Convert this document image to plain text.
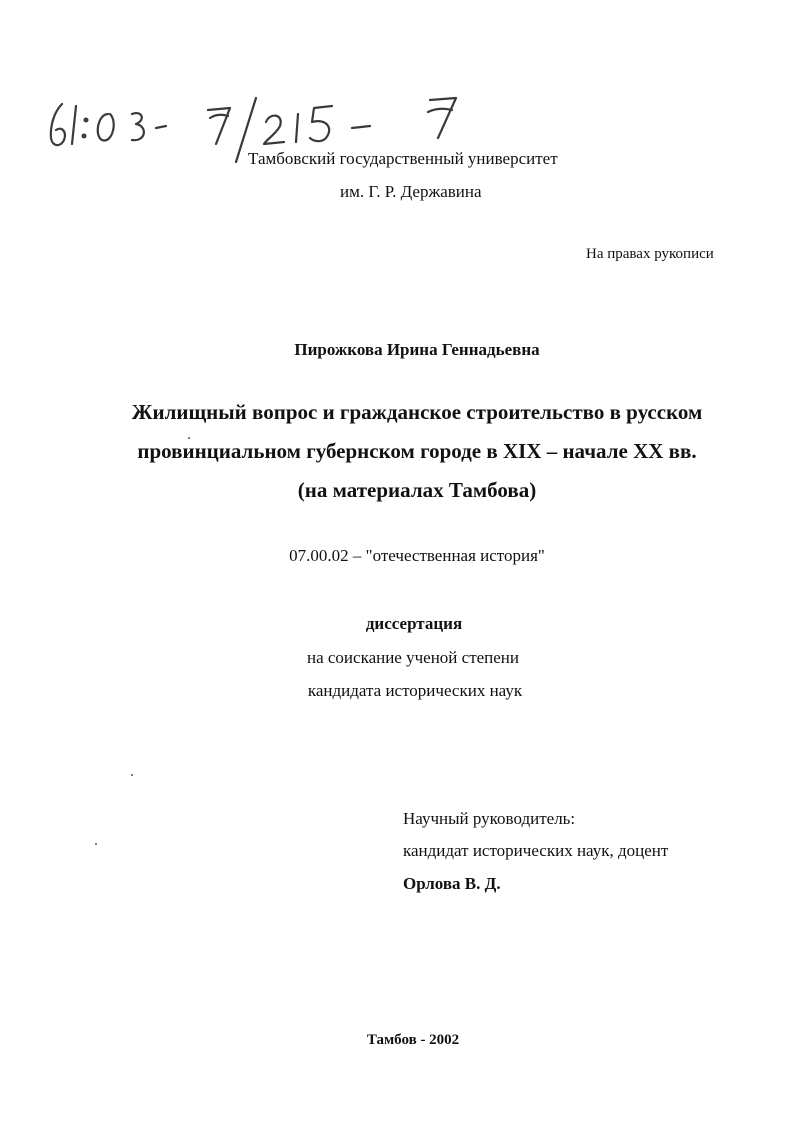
Тамбовский государственный университет
им. Г. Р. Державина
На правах рукописи
Пирожкова Ирина Геннадьевна
Жилищный вопрос и гражданское строительство в русском
провинциальном губернском городе в XIX – начале XX вв.
(на материалах Тамбова)
07.00.02 – "отечественная история"
диссертация
на соискание ученой степени
кандидата исторических наук
Научный руководитель:
кандидат исторических наук, доцент
Орлова В. Д.
Тамбов - 2002
